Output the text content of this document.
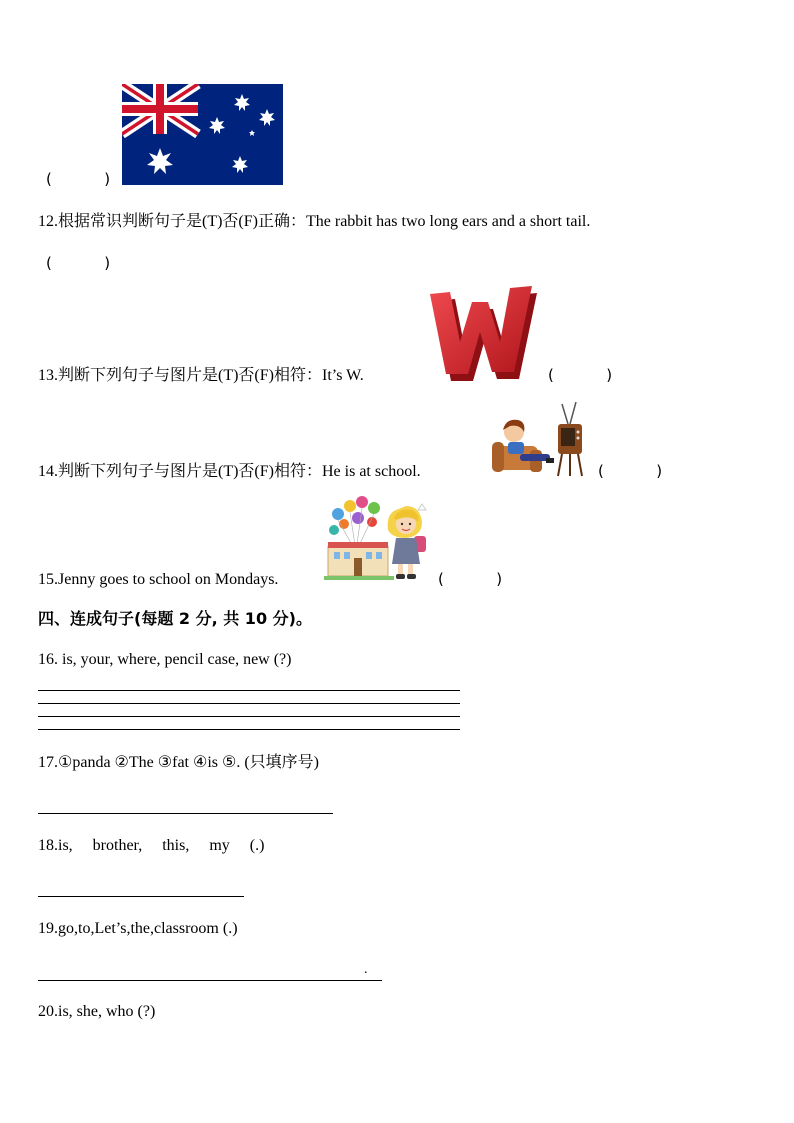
(           )
12.根据常识判断句子是(T)否(F)正确：The rabbit has two long ears and a short tail.
(           )
13.判断下列句子与图片是(T)否(F)相符：It’s W.	(           )
14.判断下列句子与图片是(T)否(F)相符：He is at school.	(           )
15.Jenny goes to school on Mondays.	(           )
四、连成句子(每题 2 分, 共 10 分)。
16. is, your, where, pencil case, new (?)
17.①panda ②The ③fat ④is ⑤. (只填序号)
18.is,     brother,     this,     my     (.)
19.go,to,Let’s,the,classroom (.)
.
20.is, she, who (?)
